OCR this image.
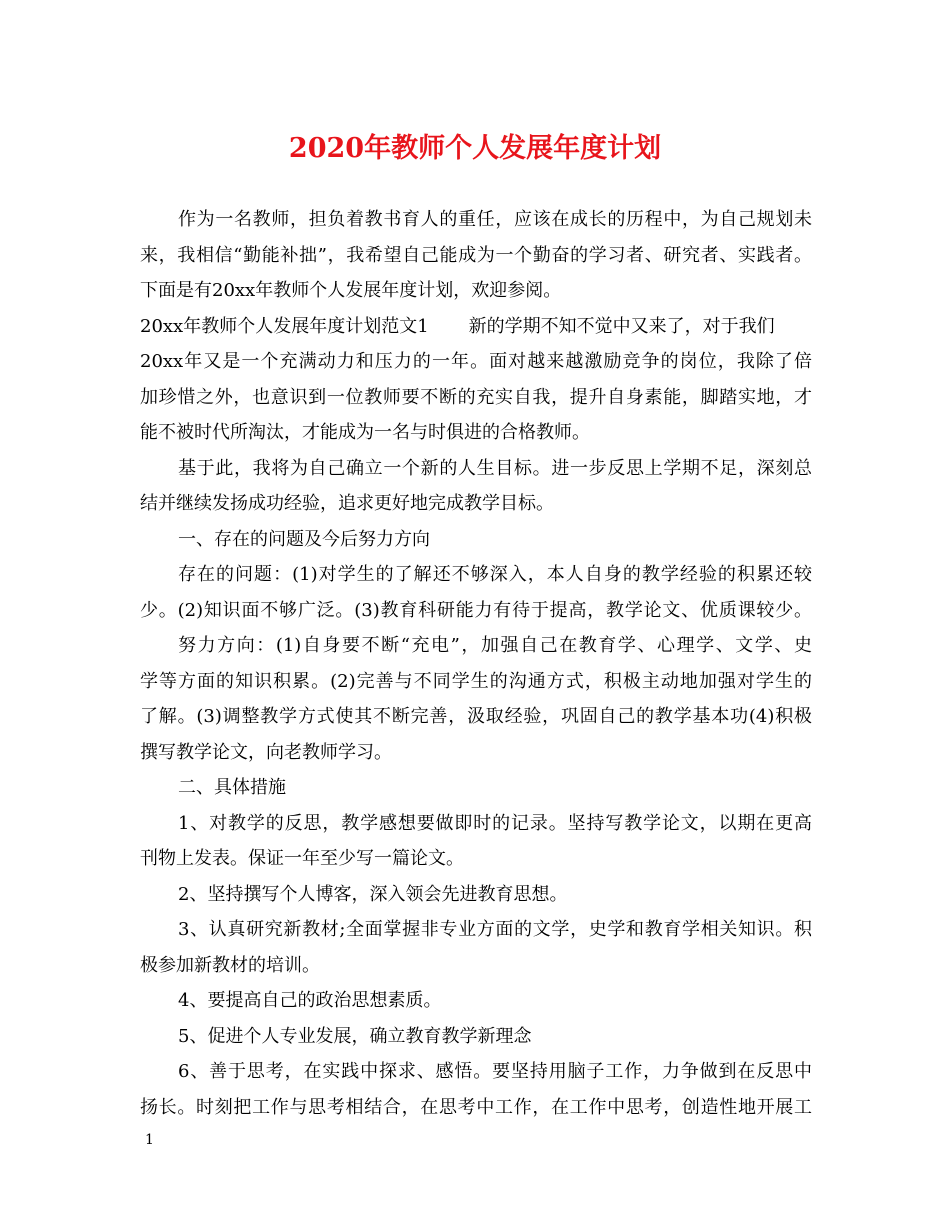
2020年教师个人发展年度计划
作为一名教师，担负着教书育人的重任，应该在成长的历程中，为自己规划未
来，我相信“勤能补拙”，我希望自己能成为一个勤奋的学习者、研究者、实践者。
下面是有20xx年教师个人发展年度计划，欢迎参阅。
20xx年教师个人发展年度计划范文1 新的学期不知不觉中又来了，对于我们
20xx年又是一个充满动力和压力的一年。面对越来越激励竞争的岗位，我除了倍
加珍惜之外，也意识到一位教师要不断的充实自我，提升自身素能，脚踏实地，才
能不被时代所淘汰，才能成为一名与时俱进的合格教师。
基于此，我将为自己确立一个新的人生目标。进一步反思上学期不足，深刻总
结并继续发扬成功经验，追求更好地完成教学目标。
一、存在的问题及今后努力方向
存在的问题：(1)对学生的了解还不够深入，本人自身的教学经验的积累还较
少。(2)知识面不够广泛。(3)教育科研能力有待于提高，教学论文、优质课较少。
努力方向：(1)自身要不断“充电”，加强自己在教育学、心理学、文学、史
学等方面的知识积累。(2)完善与不同学生的沟通方式，积极主动地加强对学生的
了解。(3)调整教学方式使其不断完善，汲取经验，巩固自己的教学基本功(4)积极
撰写教学论文，向老教师学习。
二、具体措施
1、对教学的反思，教学感想要做即时的记录。坚持写教学论文，以期在更高
刊物上发表。保证一年至少写一篇论文。
2、坚持撰写个人博客，深入领会先进教育思想。
3、认真研究新教材;全面掌握非专业方面的文学，史学和教育学相关知识。积
极参加新教材的培训。
4、要提高自己的政治思想素质。
5、促进个人专业发展，确立教育教学新理念
6、善于思考，在实践中探求、感悟。要坚持用脑子工作，力争做到在反思中
扬长。时刻把工作与思考相结合，在思考中工作，在工作中思考，创造性地开展工
1
